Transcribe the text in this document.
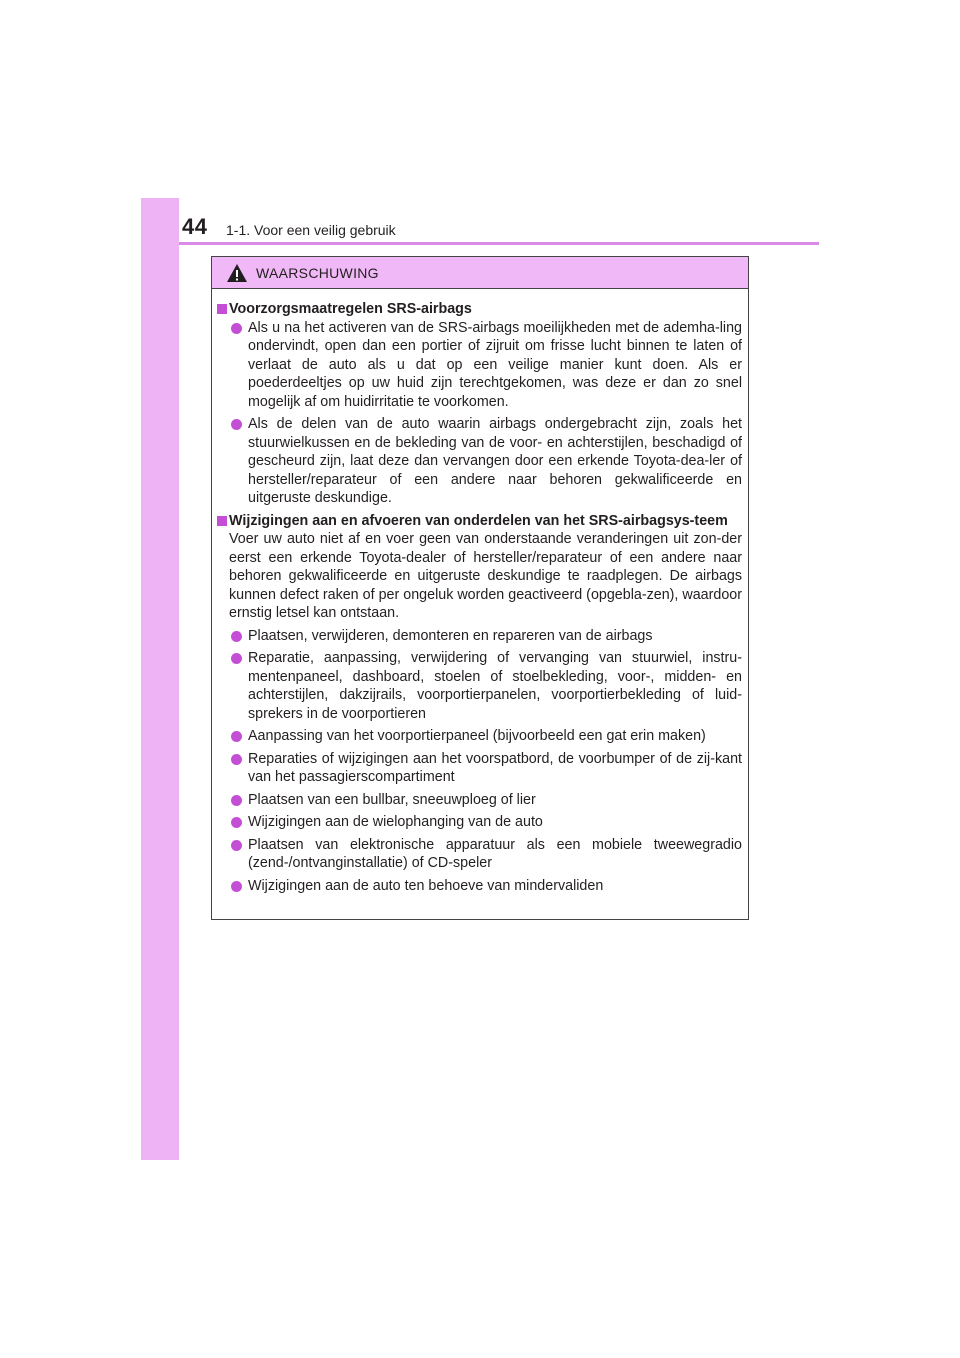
44 1-1. Voor een veilig gebruik
WAARSCHUWING
Voorzorgsmaatregelen SRS-airbags
Als u na het activeren van de SRS-airbags moeilijkheden met de ademha-ling ondervindt, open dan een portier of zijruit om frisse lucht binnen te laten of verlaat de auto als u dat op een veilige manier kunt doen. Als er poederdeeltjes op uw huid zijn terechtgekomen, was deze er dan zo snel mogelijk af om huidirritatie te voorkomen.
Als de delen van de auto waarin airbags ondergebracht zijn, zoals het stuurwielkussen en de bekleding van de voor- en achterstijlen, beschadigd of gescheurd zijn, laat deze dan vervangen door een erkende Toyota-dea-ler of hersteller/reparateur of een andere naar behoren gekwalificeerde en uitgeruste deskundige.
Wijzigingen aan en afvoeren van onderdelen van het SRS-airbagsys-teem
Voer uw auto niet af en voer geen van onderstaande veranderingen uit zon-der eerst een erkende Toyota-dealer of hersteller/reparateur of een andere naar behoren gekwalificeerde en uitgeruste deskundige te raadplegen. De airbags kunnen defect raken of per ongeluk worden geactiveerd (opgebla-zen), waardoor ernstig letsel kan ontstaan.
Plaatsen, verwijderen, demonteren en repareren van de airbags
Reparatie, aanpassing, verwijdering of vervanging van stuurwiel, instru-mentenpaneel, dashboard, stoelen of stoelbekleding, voor-, midden- en achterstijlen, dakzijrails, voorportierpanelen, voorportierbekleding of luid-sprekers in de voorportieren
Aanpassing van het voorportierpaneel (bijvoorbeeld een gat erin maken)
Reparaties of wijzigingen aan het voorspatbord, de voorbumper of de zij-kant van het passagierscompartiment
Plaatsen van een bullbar, sneeuwploeg of lier
Wijzigingen aan de wielophanging van de auto
Plaatsen van elektronische apparatuur als een mobiele tweewegradio (zend-/ontvanginstallatie) of CD-speler
Wijzigingen aan de auto ten behoeve van mindervaliden
